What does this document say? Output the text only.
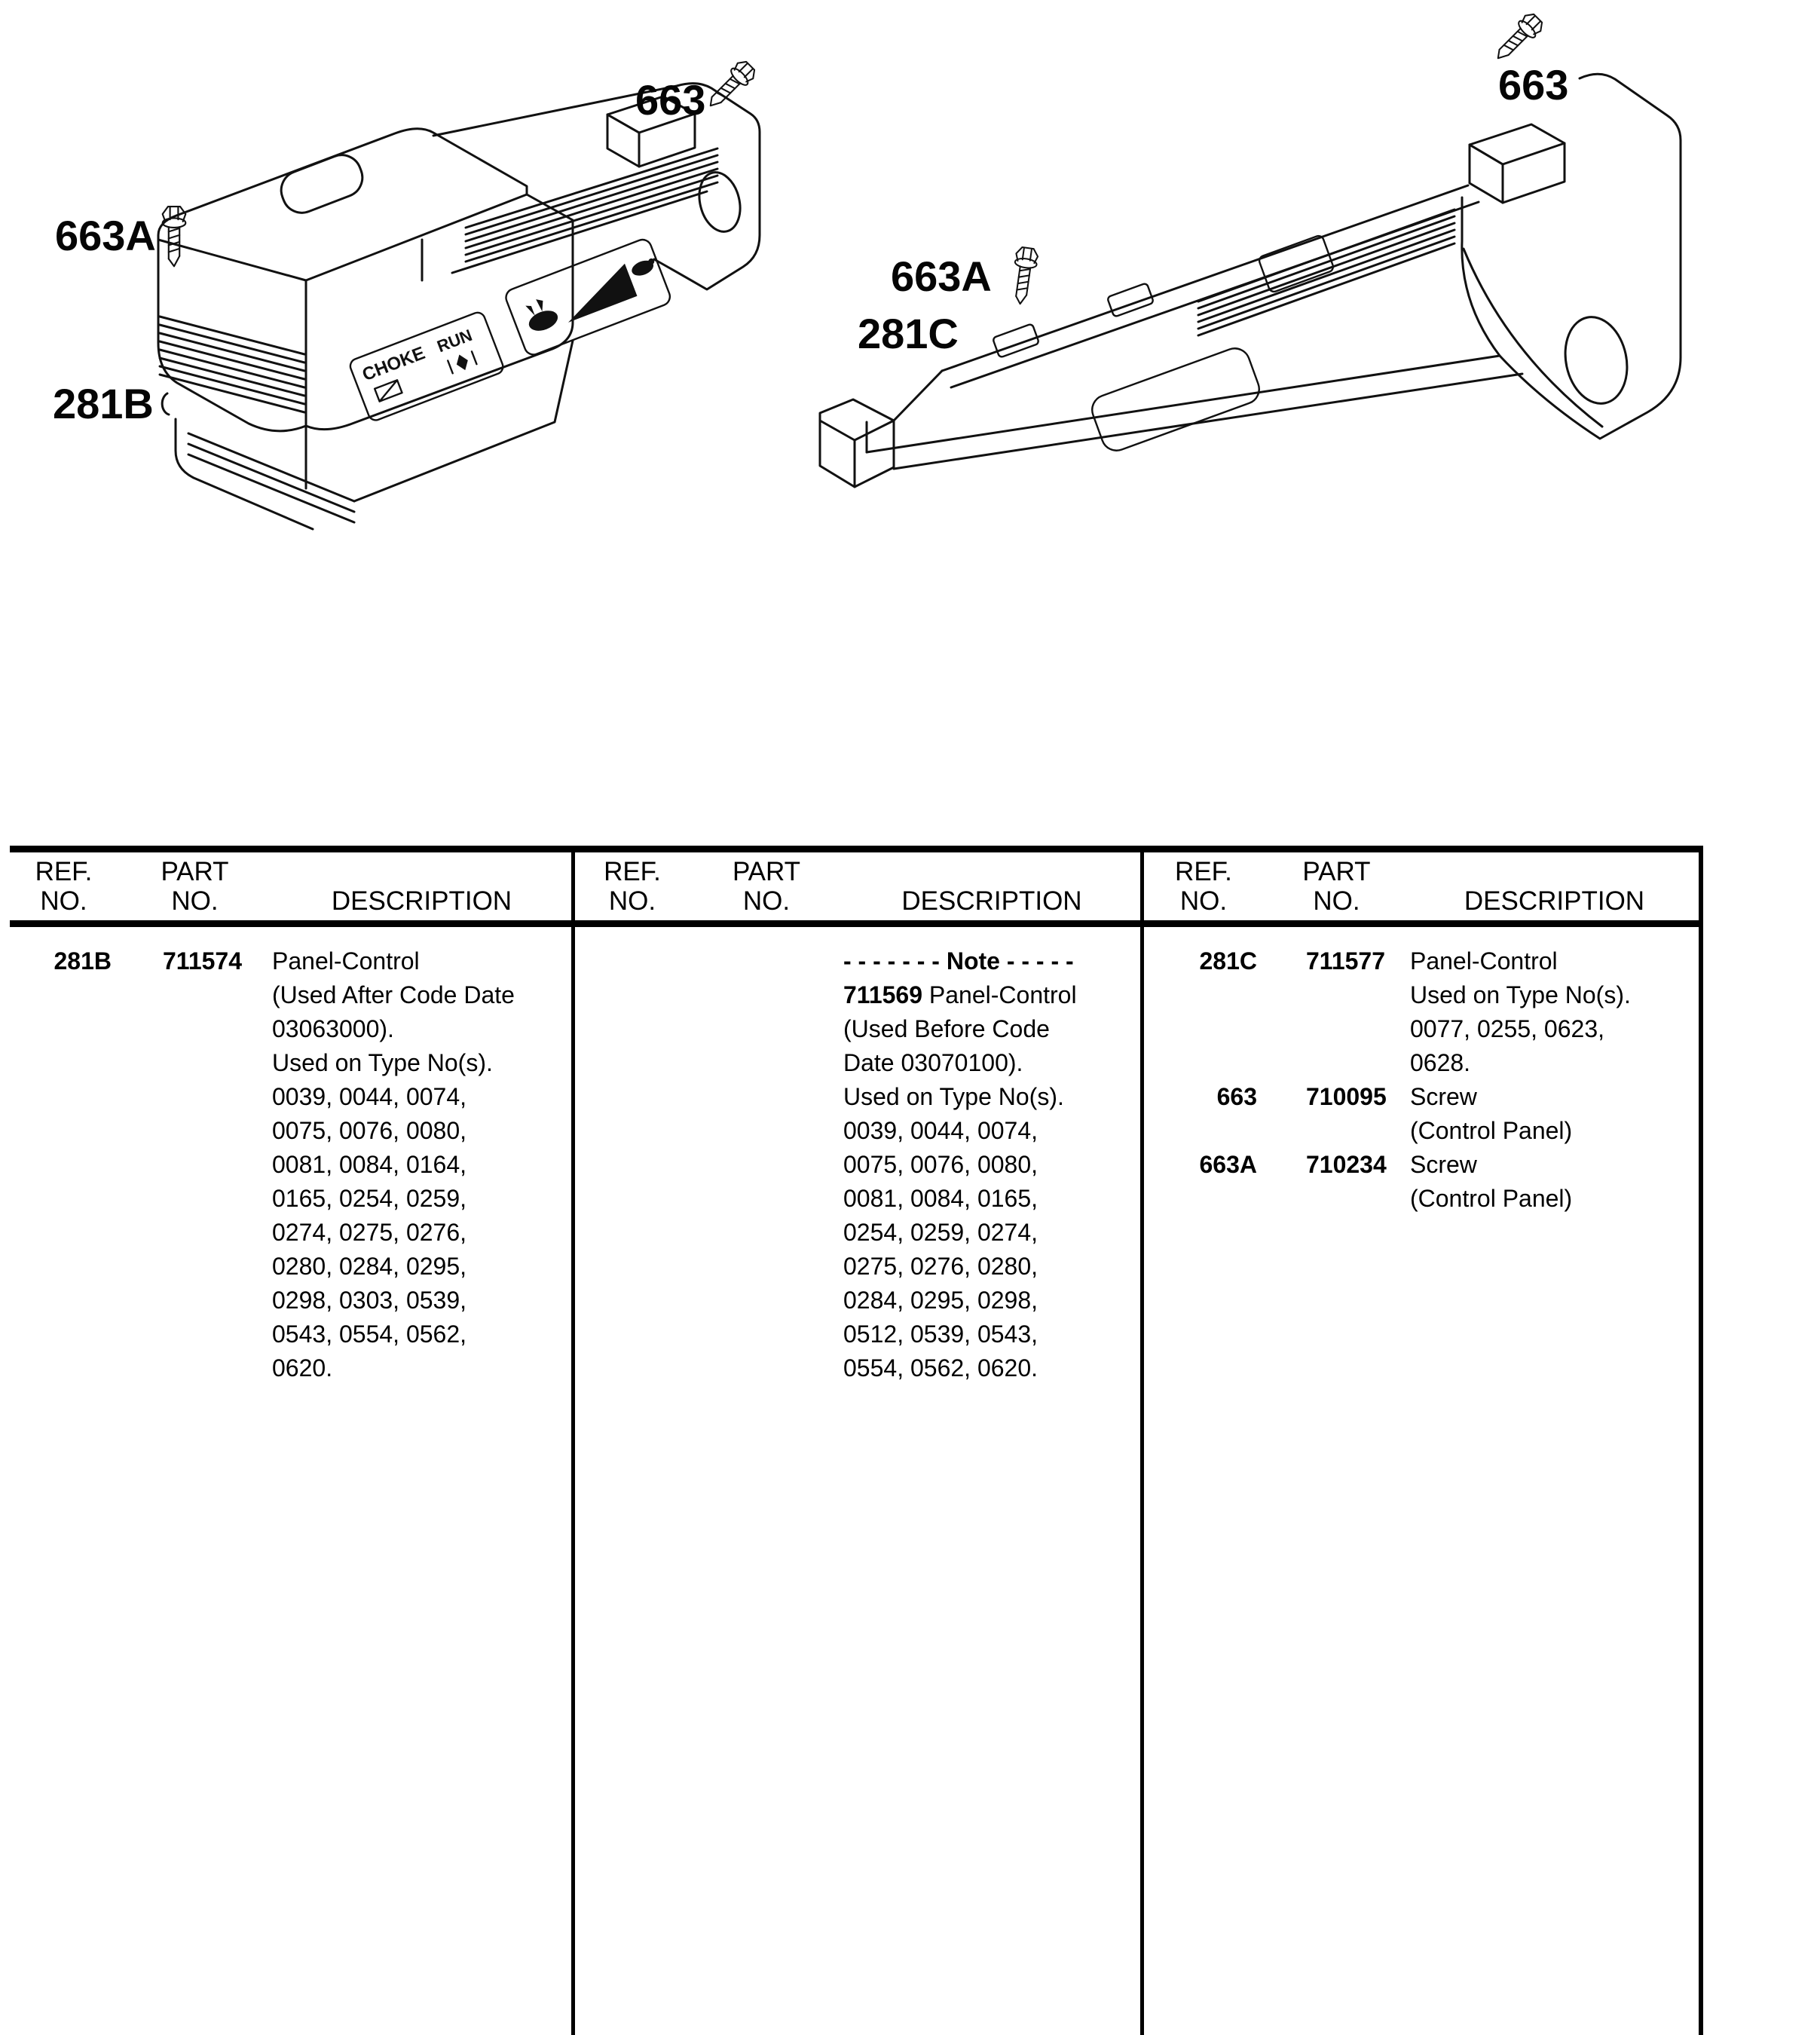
CHOKE
RUN
663
663A
281B
663
663A
281C
REF.	PART
NO.	NO.	DESCRIPTION
281B	711574	Panel-Control
(Used After Code Date
03063000).
Used on Type No(s).
0039, 0044, 0074,
0075, 0076, 0080,
0081, 0084, 0164,
0165, 0254, 0259,
0274, 0275, 0276,
0280, 0284, 0295,
0298, 0303, 0539,
0543, 0554, 0562,
0620.
REF.	PART
NO.	NO.	DESCRIPTION
- - - - - - - Note - - - - -
711569 Panel-Control
(Used Before Code
Date 03070100).
Used on Type No(s).
0039, 0044, 0074,
0075, 0076, 0080,
0081, 0084, 0165,
0254, 0259, 0274,
0275, 0276, 0280,
0284, 0295, 0298,
0512, 0539, 0543,
0554, 0562, 0620.
REF.	PART
NO.	NO.	DESCRIPTION
281C	711577	Panel-Control
Used on Type No(s).
0077, 0255, 0623,
0628.
663	710095 Screw
(Control Panel)
663A	710234 Screw
(Control Panel)
